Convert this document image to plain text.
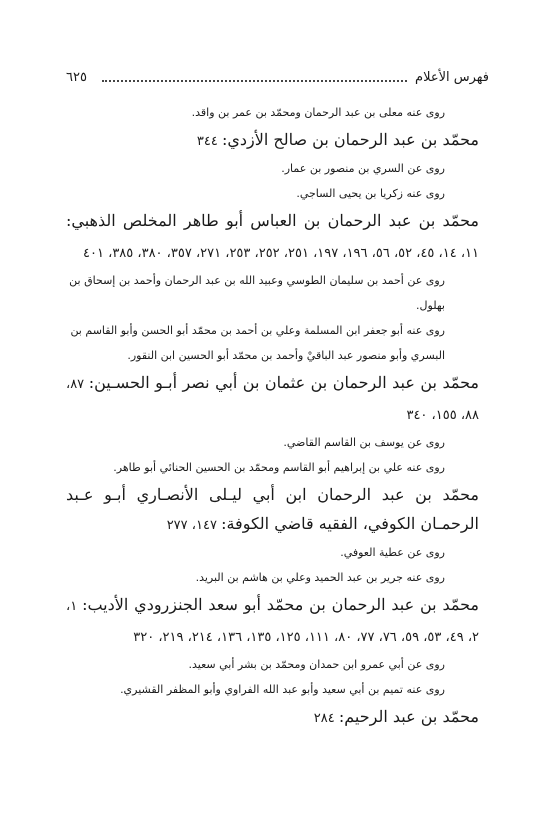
٦٢٥	فهرس الأعلام

روى عنه معلى بن عبد الرحمان ومحمّد بن عمر بن واقد.

محمّد بن عبد الرحمان بن صالح الأزدي: ٣٤٤

روى عن السري بن منصور بن عمار.

روى عنه زكريا بن يحيى الساجي.

محمّد بن عبد الرحمان بن العباس أبو طاهر المخلص الذهبي: ١١، ١٤، ٤٥، ٥٢، ٥٦، ١٩٦، ١٩٧، ٢٥١، ٢٥٢، ٢٥٣، ٢٧١، ٣٥٧، ٣٨٠، ٣٨٥، ٤٠١

روى عن أحمد بن سليمان الطوسي وعبيد الله بن عبد الرحمان وأحمد بن إسحاق بن بهلول.

روى عنه أبو جعفر ابن المسلمة وعلي بن أحمد بن محمّد أبو الحسن وأبو القاسم بن البسري وأبو منصور عبد الباقيْ وأحمد بن محمّد أبو الحسين ابن النقور.

محمّد بن عبد الرحمان بن عثمان بن أبي نصر أبـو الحسـين: ٨٧، ٨٨، ١٥٥، ٣٤٠

روى عن يوسف بن القاسم القاضي.

روى عنه علي بن إبراهيم أبو القاسم ومحمّد بن الحسين الحنائي أبو طاهر.

محمّد بن عبد الرحمان ابن أبي ليـلى الأنصـاري أبـو عـبد الرحمـان الكوفي، الفقيه قاضي الكوفة: ١٤٧، ٢٧٧

روى عن عطية العوفي.

روى عنه جرير بن عبد الحميد وعلي بن هاشم بن البريد.

محمّد بن عبد الرحمان بن محمّد أبو سعد الجنزرودي الأديب: ١، ٢، ٤٩، ٥٣، ٥٩، ٧٦، ٧٧، ٨٠، ١١١، ١٢٥، ١٣٥، ١٣٦، ٢١٤، ٢١٩، ٣٢٠

روى عن أبي عمرو ابن حمدان ومحمّد بن بشر أبي سعيد.

روى عنه تميم بن أبي سعيد وأبو عبد الله الفراوي وأبو المظفر القشيري.

محمّد بن عبد الرحيم: ٢٨٤
